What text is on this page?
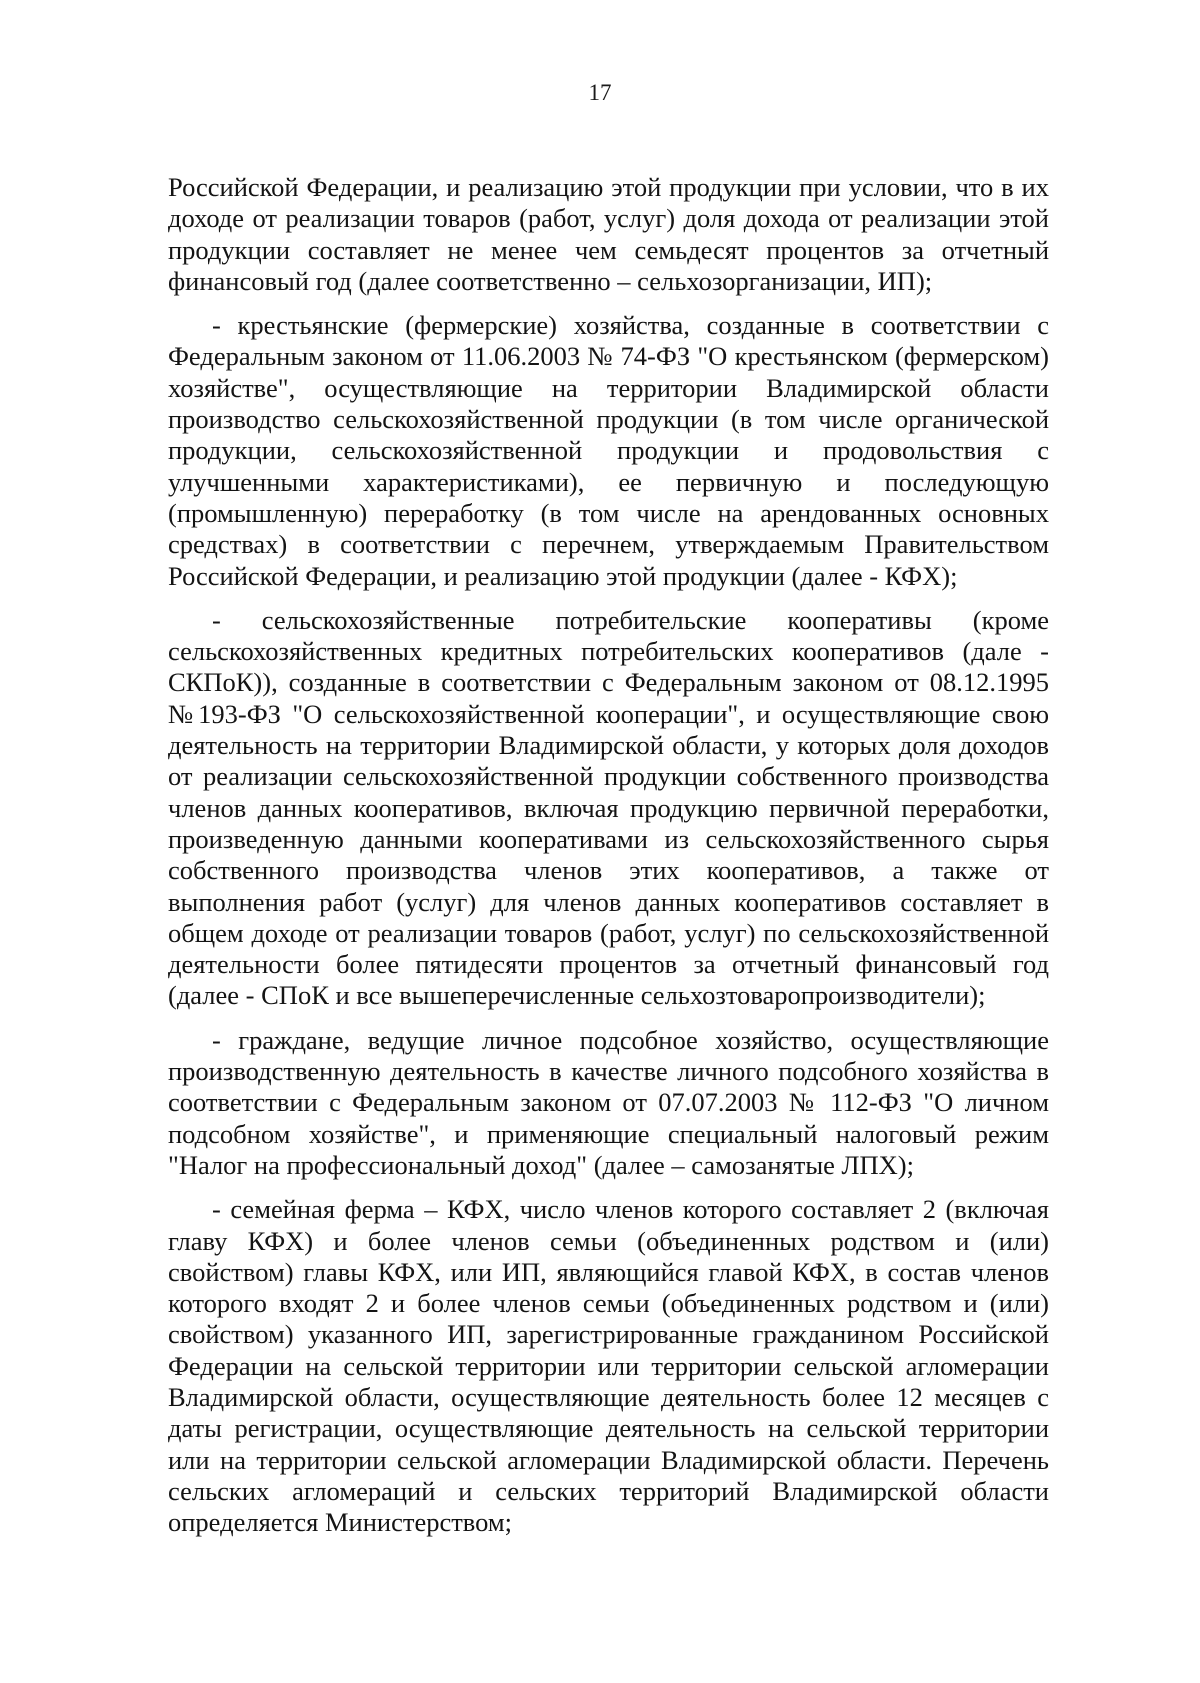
17

Российской Федерации, и реализацию этой продукции при условии, что в их доходе от реализации товаров (работ, услуг) доля дохода от реализации этой продукции составляет не менее чем семьдесят процентов за отчетный финансовый год (далее соответственно – сельхозорганизации, ИП);

- крестьянские (фермерские) хозяйства, созданные в соответствии с Федеральным законом от 11.06.2003 № 74-ФЗ "О крестьянском (фермерском) хозяйстве", осуществляющие на территории Владимирской области производство сельскохозяйственной продукции (в том числе органической продукции, сельскохозяйственной продукции и продовольствия с улучшенными характеристиками), ее первичную и последующую (промышленную) переработку (в том числе на арендованных основных средствах) в соответствии с перечнем, утверждаемым Правительством Российской Федерации, и реализацию этой продукции (далее - КФХ);

- сельскохозяйственные потребительские кооперативы (кроме сельскохозяйственных кредитных потребительских кооперативов (дале - СКПоК)), созданные в соответствии с Федеральным законом от 08.12.1995 №193-ФЗ "О сельскохозяйственной кооперации", и осуществляющие свою деятельность на территории Владимирской области, у которых доля доходов от реализации сельскохозяйственной продукции собственного производства членов данных кооперативов, включая продукцию первичной переработки, произведенную данными кооперативами из сельскохозяйственного сырья собственного производства членов этих кооперативов, а также от выполнения работ (услуг) для членов данных кооперативов составляет в общем доходе от реализации товаров (работ, услуг) по сельскохозяйственной деятельности более пятидесяти процентов за отчетный финансовый год (далее - СПоК и все вышеперечисленные сельхозтоваропроизводители);

- граждане, ведущие личное подсобное хозяйство, осуществляющие производственную деятельность в качестве личного подсобного хозяйства в соответствии с Федеральным законом от 07.07.2003 № 112-ФЗ "О личном подсобном хозяйстве", и применяющие специальный налоговый режим "Налог на профессиональный доход" (далее – самозанятые ЛПХ);

- семейная ферма – КФХ, число членов которого составляет 2 (включая главу КФХ) и более членов семьи (объединенных родством и (или) свойством) главы КФХ, или ИП, являющийся главой КФХ, в состав членов которого входят 2 и более членов семьи (объединенных родством и (или) свойством) указанного ИП, зарегистрированные гражданином Российской Федерации на сельской территории или территории сельской агломерации Владимирской области, осуществляющие деятельность более 12 месяцев с даты регистрации, осуществляющие деятельность на сельской территории или на территории сельской агломерации Владимирской области. Перечень сельских агломераций и сельских территорий Владимирской области определяется Министерством;
